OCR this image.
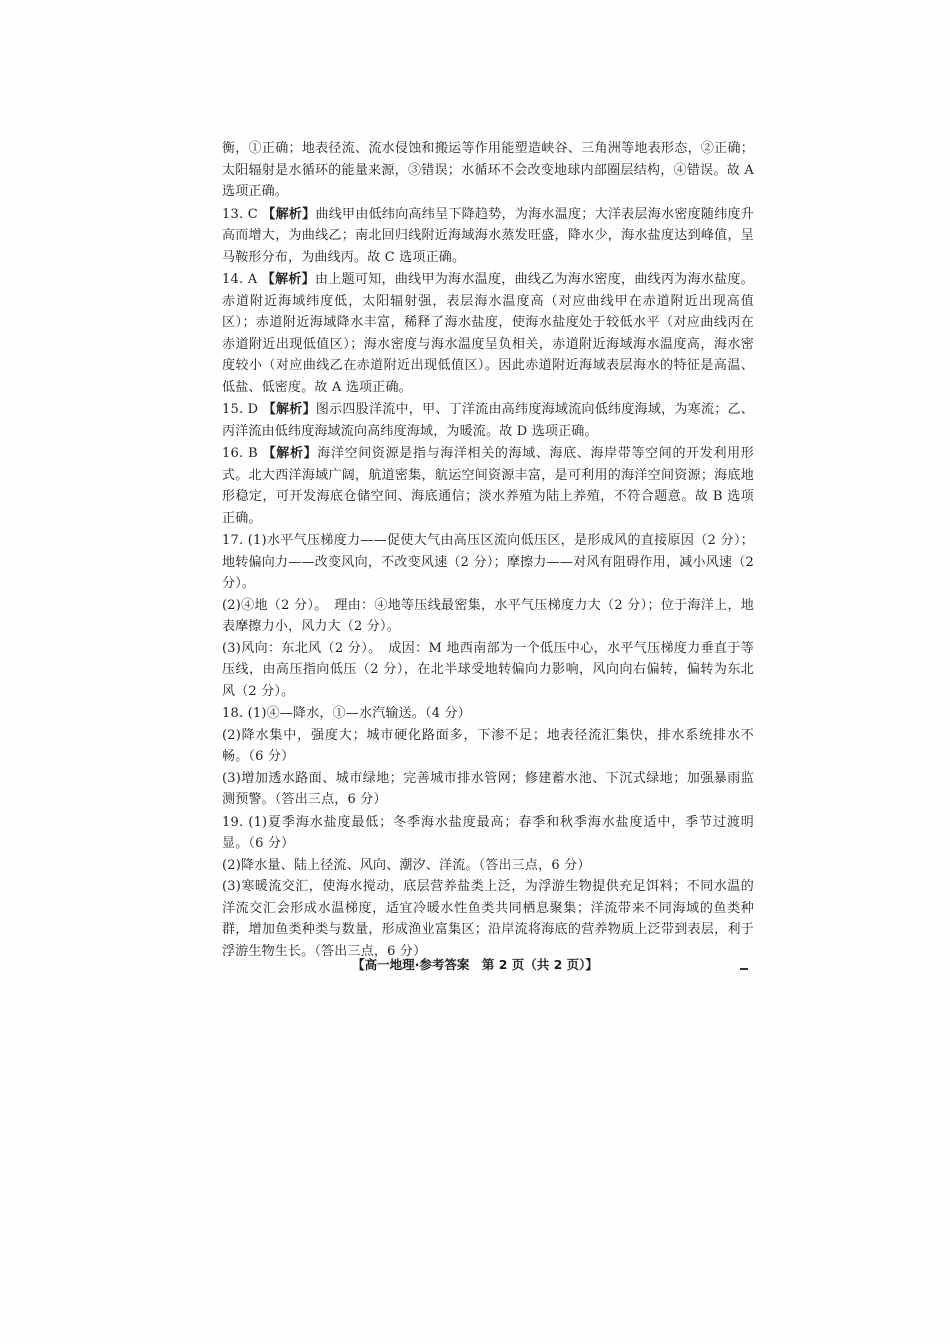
衡，①正确；地表径流、流水侵蚀和搬运等作用能塑造峡谷、三角洲等地表形态，②正确；太阳辐射是水循环的能量来源，③错误；水循环不会改变地球内部圈层结构，④错误。故 A 选项正确。

13. C 【解析】曲线甲由低纬向高纬呈下降趋势，为海水温度；大洋表层海水密度随纬度升高而增大，为曲线乙；南北回归线附近海域海水蒸发旺盛，降水少，海水盐度达到峰值，呈马鞍形分布，为曲线丙。故 C 选项正确。

14. A 【解析】由上题可知，曲线甲为海水温度，曲线乙为海水密度，曲线丙为海水盐度。赤道附近海域纬度低，太阳辐射强，表层海水温度高（对应曲线甲在赤道附近出现高值区）；赤道附近海域降水丰富，稀释了海水盐度，使海水盐度处于较低水平（对应曲线丙在赤道附近出现低值区）；海水密度与海水温度呈负相关，赤道附近海域海水温度高，海水密度较小（对应曲线乙在赤道附近出现低值区）。因此赤道附近海域表层海水的特征是高温、低盐、低密度。故 A 选项正确。

15. D 【解析】图示四股洋流中，甲、丁洋流由高纬度海域流向低纬度海域，为寒流；乙、丙洋流由低纬度海域流向高纬度海域，为暖流。故 D 选项正确。

16. B 【解析】海洋空间资源是指与海洋相关的海域、海底、海岸带等空间的开发利用形式。北大西洋海域广阔，航道密集，航运空间资源丰富，是可利用的海洋空间资源；海底地形稳定，可开发海底仓储空间、海底通信；淡水养殖为陆上养殖，不符合题意。故 B 选项正确。

17. (1)水平气压梯度力——促使大气由高压区流向低压区，是形成风的直接原因（2 分）；地转偏向力——改变风向，不改变风速（2 分）；摩擦力——对风有阻碍作用，减小风速（2 分）。

(2)④地（2 分）。　理由：④地等压线最密集，水平气压梯度力大（2 分）；位于海洋上，地表摩擦力小，风力大（2 分）。

(3)风向：东北风（2 分）。　成因：M 地西南部为一个低压中心，水平气压梯度力垂直于等压线，由高压指向低压（2 分），在北半球受地转偏向力影响，风向向右偏转，偏转为东北风（2 分）。

18. (1)④—降水，①—水汽输送。（4 分）

(2)降水集中，强度大；城市硬化路面多，下渗不足；地表径流汇集快，排水系统排水不畅。（6 分）

(3)增加透水路面、城市绿地；完善城市排水管网；修建蓄水池、下沉式绿地；加强暴雨监测预警。（答出三点，6 分）

19. (1)夏季海水盐度最低；冬季海水盐度最高；春季和秋季海水盐度适中，季节过渡明显。（6 分）

(2)降水量、陆上径流、风向、潮汐、洋流。（答出三点，6 分）

(3)寒暖流交汇，使海水搅动，底层营养盐类上泛，为浮游生物提供充足饵料；不同水温的洋流交汇会形成水温梯度，适宜冷暖水性鱼类共同栖息聚集；洋流带来不同海域的鱼类种群，增加鱼类种类与数量，形成渔业富集区；沿岸流将海底的营养物质上泛带到表层，利于浮游生物生长。（答出三点，6 分）

【高一地理·参考答案　第 2 页（共 2 页）】
